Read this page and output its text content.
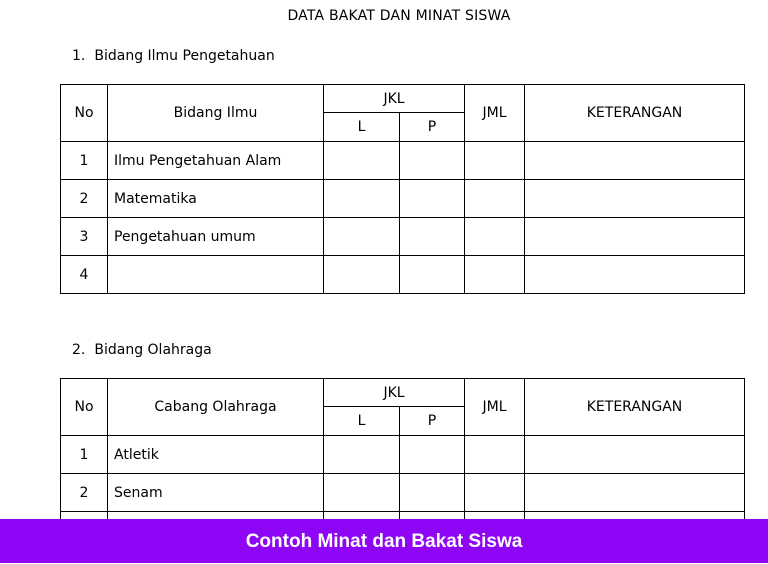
DATA BAKAT DAN MINAT SISWA
1. Bidang Ilmu Pengetahuan
No	Bidang Ilmu	JKL		JML	KETERANGAN
		L	P		
1	Ilmu Pengetahuan Alam				
2	Matematika				
3	Pengetahuan umum				
4					
2. Bidang Olahraga
No	Cabang Olahraga	JKL		JML	KETERANGAN
		L	P		
1	Atletik				
2	Senam				

Contoh Minat dan Bakat Siswa
